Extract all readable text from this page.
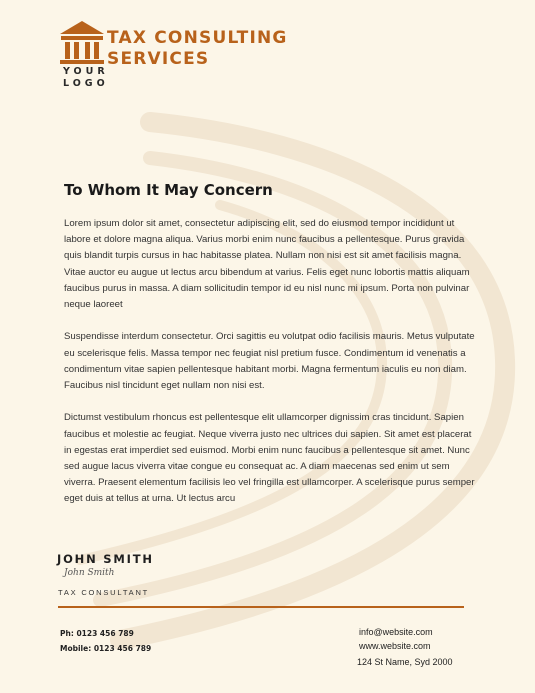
YOUR
LOGO
TAX CONSULTING
SERVICES
To Whom It May Concern

Lorem ipsum dolor sit amet, consectetur adipiscing elit, sed do eiusmod tempor incididunt ut labore et dolore magna aliqua. Varius morbi enim nunc faucibus a pellentesque. Purus gravida quis blandit turpis cursus in hac habitasse platea. Nullam non nisi est sit amet facilisis magna. Vitae auctor eu augue ut lectus arcu bibendum at varius. Felis eget nunc lobortis mattis aliquam faucibus purus in massa. A diam sollicitudin tempor id eu nisl nunc mi ipsum. Porta non pulvinar neque laoreet

Suspendisse interdum consectetur. Orci sagittis eu volutpat odio facilisis mauris. Metus vulputate eu scelerisque felis. Massa tempor nec feugiat nisl pretium fusce. Condimentum id venenatis a condimentum vitae sapien pellentesque habitant morbi. Magna fermentum iaculis eu non diam. Faucibus nisl tincidunt eget nullam non nisi est.

Dictumst vestibulum rhoncus est pellentesque elit ullamcorper dignissim cras tincidunt. Sapien faucibus et molestie ac feugiat. Neque viverra justo nec ultrices dui sapien. Sit amet est placerat in egestas erat imperdiet sed euismod. Morbi enim nunc faucibus a pellentesque sit amet. Nunc sed augue lacus viverra vitae congue eu consequat ac. A diam maecenas sed enim ut sem viverra. Praesent elementum facilisis leo vel fringilla est ullamcorper. A scelerisque purus semper eget duis at tellus at urna. Ut lectus arcu

JOHN SMITH
John Smith
TAX CONSULTANT
Ph: 0123 456 789
Mobile: 0123 456 789
info@website.com
www.website.com
124 St Name, Syd 2000
